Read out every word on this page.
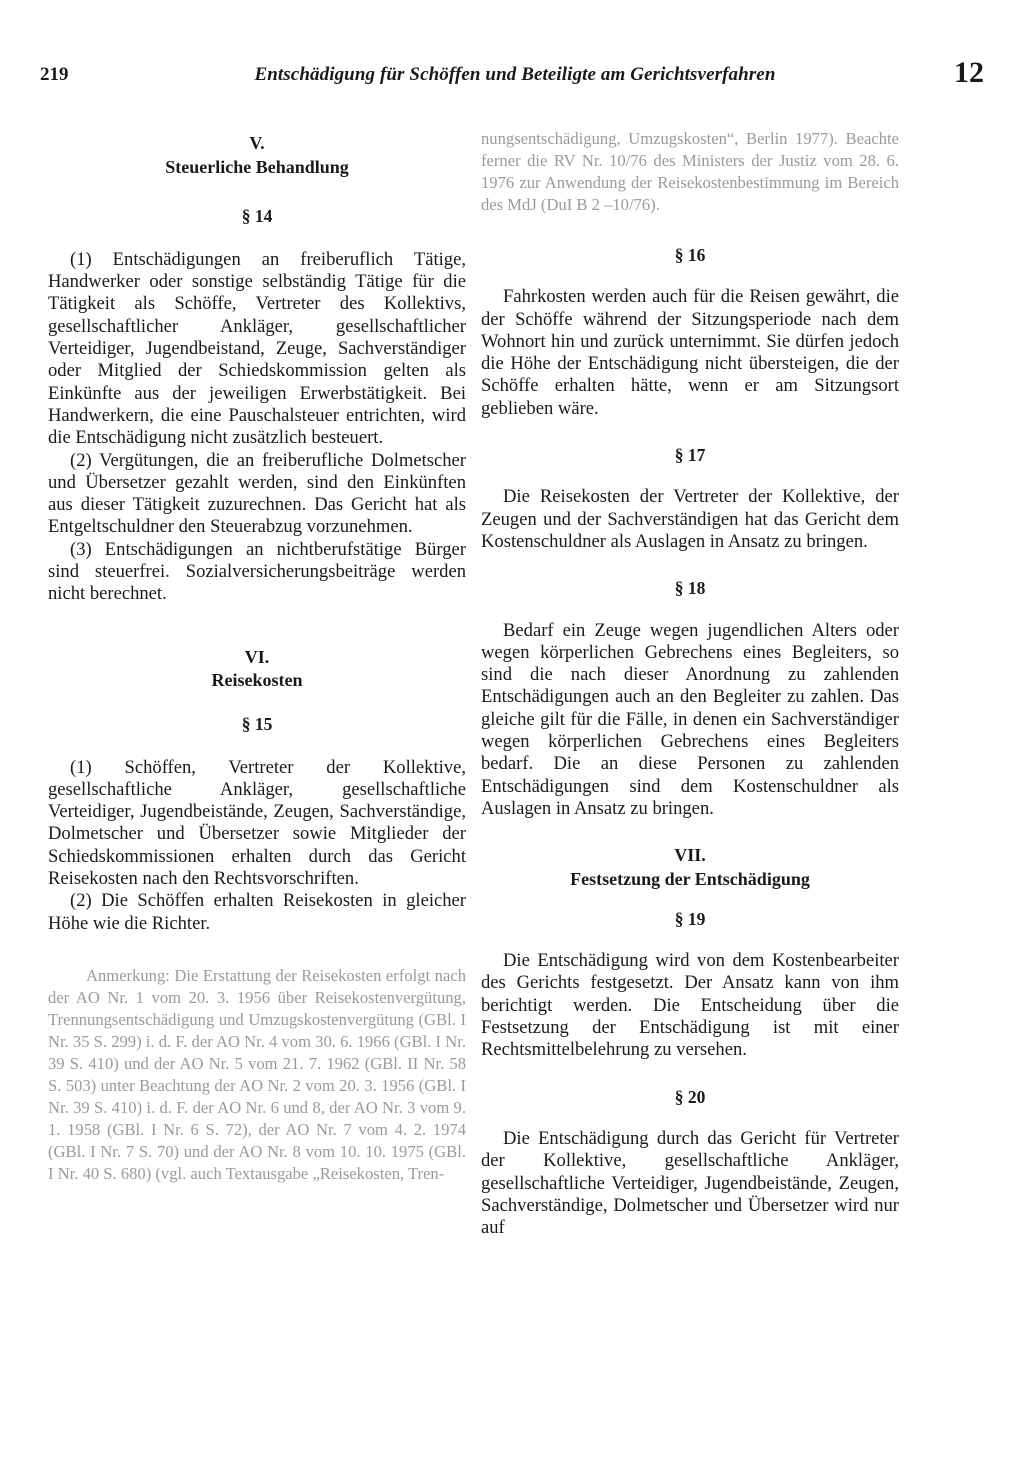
219	Entschädigung für Schöffen und Beteiligte am Gerichtsverfahren	12
V.
Steuerliche Behandlung
§ 14

(1) Entschädigungen an freiberuflich Tätige, Handwerker oder sonstige selbständig Tätige für die Tätigkeit als Schöffe, Vertreter des Kollektivs, gesellschaftlicher Ankläger, gesellschaftlicher Verteidiger, Jugendbeistand, Zeuge, Sachverständiger oder Mitglied der Schiedskommission gelten als Einkünfte aus der jeweiligen Erwerbstätigkeit. Bei Handwerkern, die eine Pauschalsteuer entrichten, wird die Entschädigung nicht zusätzlich besteuert.

(2) Vergütungen, die an freiberufliche Dolmetscher und Übersetzer gezahlt werden, sind den Einkünften aus dieser Tätigkeit zuzurechnen. Das Gericht hat als Entgeltschuldner den Steuerabzug vorzunehmen.

(3) Entschädigungen an nichtberufstätige Bürger sind steuerfrei. Sozialversicherungsbeiträge werden nicht berechnet.

VI.
Reisekosten
§ 15

(1) Schöffen, Vertreter der Kollektive, gesellschaftliche Ankläger, gesellschaftliche Verteidiger, Jugendbeistände, Zeugen, Sachverständige, Dolmetscher und Übersetzer sowie Mitglieder der Schiedskommissionen erhalten durch das Gericht Reisekosten nach den Rechtsvorschriften.

(2) Die Schöffen erhalten Reisekosten in gleicher Höhe wie die Richter.

Anmerkung: Die Erstattung der Reisekosten erfolgt nach der AO Nr. 1 vom 20. 3. 1956 über Reisekostenvergütung, Trennungsentschädigung und Umzugskostenvergütung (GBl. I Nr. 35 S. 299) i. d. F. der AO Nr. 4 vom 30. 6. 1966 (GBl. I Nr. 39 S. 410) und der AO Nr. 5 vom 21. 7. 1962 (GBl. II Nr. 58 S. 503) unter Beachtung der AO Nr. 2 vom 20. 3. 1956 (GBl. I Nr. 39 S. 410) i. d. F. der AO Nr. 6 und 8, der AO Nr. 3 vom 9. 1. 1958 (GBl. I Nr. 6 S. 72), der AO Nr. 7 vom 4. 2. 1974 (GBl. I Nr. 7 S. 70) und der AO Nr. 8 vom 10. 10. 1975 (GBl. I Nr. 40 S. 680) (vgl. auch Textausgabe „Reisekosten, Tren-

nungsentschädigung, Umzugskosten“, Berlin 1977). Beachte ferner die RV Nr. 10/76 des Ministers der Justiz vom 28. 6. 1976 zur Anwendung der Reisekostenbestimmung im Bereich des MdJ (DuI B 2 –10/76).

§ 16

Fahrkosten werden auch für die Reisen gewährt, die der Schöffe während der Sitzungsperiode nach dem Wohnort hin und zurück unternimmt. Sie dürfen jedoch die Höhe der Entschädigung nicht übersteigen, die der Schöffe erhalten hätte, wenn er am Sitzungsort geblieben wäre.

§ 17

Die Reisekosten der Vertreter der Kollektive, der Zeugen und der Sachverständigen hat das Gericht dem Kostenschuldner als Auslagen in Ansatz zu bringen.

§ 18

Bedarf ein Zeuge wegen jugendlichen Alters oder wegen körperlichen Gebrechens eines Begleiters, so sind die nach dieser Anordnung zu zahlenden Entschädigungen auch an den Begleiter zu zahlen. Das gleiche gilt für die Fälle, in denen ein Sachverständiger wegen körperlichen Gebrechens eines Begleiters bedarf. Die an diese Personen zu zahlenden Entschädigungen sind dem Kostenschuldner als Auslagen in Ansatz zu bringen.

VII.
Festsetzung der Entschädigung
§ 19

Die Entschädigung wird von dem Kostenbearbeiter des Gerichts festgesetzt. Der Ansatz kann von ihm berichtigt werden. Die Entscheidung über die Festsetzung der Entschädigung ist mit einer Rechtsmittelbelehrung zu versehen.

§ 20

Die Entschädigung durch das Gericht für Vertreter der Kollektive, gesellschaftliche Ankläger, gesellschaftliche Verteidiger, Jugendbeistände, Zeugen, Sachverständige, Dolmetscher und Übersetzer wird nur auf
